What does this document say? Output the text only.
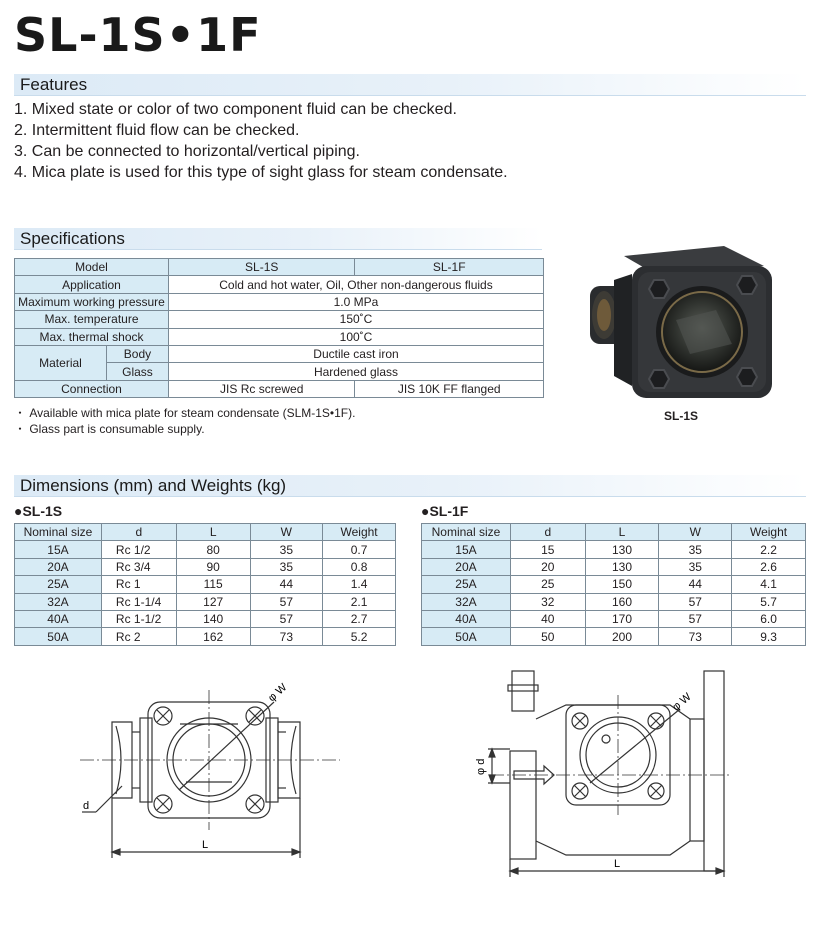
SL-1S•1F
Features
1. Mixed state or color of two component fluid can be checked.
2. Intermittent fluid flow can be checked.
3. Can be connected to horizontal/vertical piping.
4. Mica plate is used for this type of sight glass for steam condensate.
Specifications
Model		SL-1S	SL-1F
Application		Cold and hot water, Oil, Other non-dangerous fluids	
Maximum working pressure		1.0 MPa	
Max. temperature		150˚C	
Max. thermal shock		100˚C	
Material	Body	Ductile cast iron	
	Glass	Hardened glass	
Connection		JIS Rc screwed	JIS 10K FF flanged
・ Available with mica plate for steam condensate (SLM-1S•1F).
・ Glass part is consumable supply.
SL-1S
Dimensions (mm) and Weights (kg)
●SL-1S
Nominal size	d	L	W	Weight
15A	Rc 1/2	80	35	0.7
20A	Rc 3/4	90	35	0.8
25A	Rc 1	115	44	1.4
32A	Rc 1-1/4	127	57	2.1
40A	Rc 1-1/2	140	57	2.7
50A	Rc 2	162	73	5.2
●SL-1F
Nominal size	d	L	W	Weight
15A	15	130	35	2.2
20A	20	130	35	2.6
25A	25	150	44	4.1
32A	32	160	57	5.7
40A	40	170	57	6.0
50A	50	200	73	9.3
φ W
d
L
φ W
φ d
L
